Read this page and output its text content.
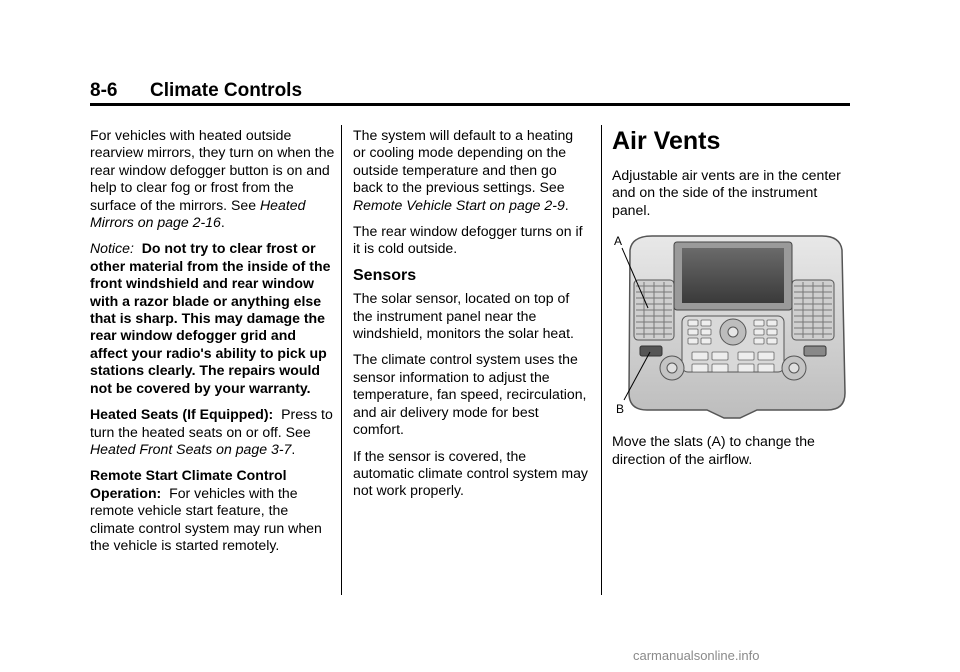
8-6 Climate Controls

For vehicles with heated outside rearview mirrors, they turn on when the rear window defogger button is on and help to clear fog or frost from the surface of the mirrors. See Heated Mirrors on page 2-16.

Notice: Do not try to clear frost or other material from the inside of the front windshield and rear window with a razor blade or anything else that is sharp. This may damage the rear window defogger grid and affect your radio's ability to pick up stations clearly. The repairs would not be covered by your warranty.

Heated Seats (If Equipped): Press to turn the heated seats on or off. See Heated Front Seats on page 3-7.

Remote Start Climate Control Operation: For vehicles with the remote vehicle start feature, the climate control system may run when the vehicle is started remotely.

The system will default to a heating or cooling mode depending on the outside temperature and then go back to the previous settings. See Remote Vehicle Start on page 2-9.

The rear window defogger turns on if it is cold outside.

Sensors

The solar sensor, located on top of the instrument panel near the windshield, monitors the solar heat.

The climate control system uses the sensor information to adjust the temperature, fan speed, recirculation, and air delivery mode for best comfort.

If the sensor is covered, the automatic climate control system may not work properly.

Air Vents

Adjustable air vents are in the center and on the side of the instrument panel.

A
B

Move the slats (A) to change the direction of the airflow.

carmanualsonline.info
